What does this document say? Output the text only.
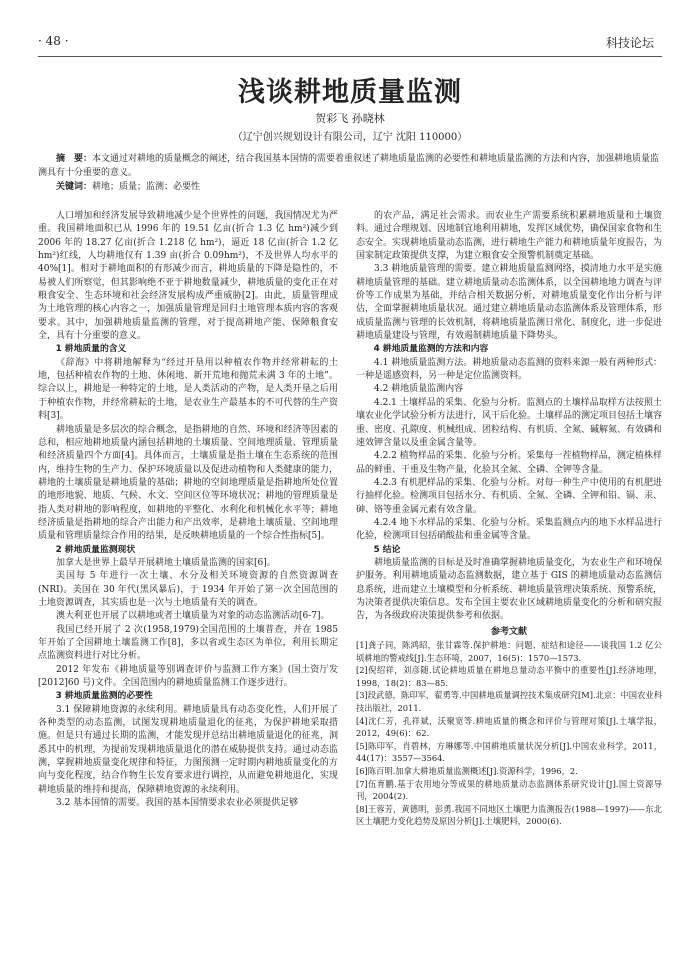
· 48 ·	科技论坛
浅谈耕地质量监测
贺彩飞 孙晓林
（辽宁创兴规划设计有限公司，辽宁 沈阳 110000）
摘　要：本文通过对耕地的质量概念的阐述，结合我国基本国情的需要着重叙述了耕地质量监测的必要性和耕地质量监测的方法和内容，加强耕地质量监测具有十分重要的意义。
关键词：耕地；质量；监测；必要性

人口增加和经济发展导致耕地减少是个世界性的问题，我国情况尤为严重。我国耕地面积已从 1996 年的 19.51 亿亩(折合 1.3 亿 hm²)减少到 2006 年的 18.27 亿亩(折合 1.218 亿 hm²)，逼近 18 亿亩(折合 1.2 亿 hm²)红线，人均耕地仅有 1.39 亩(折合 0.09hm²)，不及世界人均水平的 40%[1]。相对于耕地面积的有形减少而言，耕地质量的下降是隐性的，不易被人们所察觉，但其影响绝不亚于耕地数量减少，耕地质量的变化正在对粮食安全、生态环境和社会经济发展构成严重威胁[2]。由此，质量管理成为土地管理的核心内容之一，加强质量管理是回归土地管理本质内容的客观要求。其中，加强耕地质量监测的管理，对于提高耕地产能、保障粮食安全，具有十分重要的意义。

1 耕地质量的含义

《辞海》中将耕地解释为“经过开垦用以种植农作物并经常耕耘的土地，包括种植农作物的土地、休闲地、新开荒地和抛荒未满 3 年的土地”。综合以上，耕地是一种特定的土地，是人类活动的产物，是人类开垦之后用于种植农作物，并经常耕耘的土地，是农业生产最基本的不可代替的生产资料[3]。

耕地质量是多层次的综合概念，是指耕地的自然、环境和经济等因素的总和，相应地耕地质量内涵包括耕地的土壤质量、空间地理质量、管理质量和经济质量四个方面[4]。具体而言，土壤质量是指土壤在生态系统的范围内，维持生物的生产力、保护环境质量以及促进动植物和人类健康的能力，耕地的土壤质量是耕地质量的基础；耕地的空间地理质量是指耕地所处位置的地形地貌、地质、气候、水文、空间区位等环境状况；耕地的管理质量是指人类对耕地的影响程度，如耕地的平整化、水利化和机械化水平等；耕地经济质量是指耕地的综合产出能力和产出效率，是耕地土壤质量、空间地理质量和管理质量综合作用的结果，是反映耕地质量的一个综合性指标[5]。

2 耕地质量监测现状

加拿大是世界上最早开展耕地土壤质量监测的国家[6]。

美国每 5 年进行一次土壤、水分及相关环境资源的自然资源调查(NRI)。美国在 30 年代(黑风暴后)，于 1934 年开始了第一次全国范围的土地资源调查，其实质也是一次与土地质量有关的调查。

澳大利亚也开展了以耕地或者土壤质量为对象的动态监测活动[6-7]。

我国已经开展了 2 次(1958,1979)全国范围的土壤普查，并在 1985 年开始了全国耕地土壤监测工作[8]，多以省或生态区为单位，利用长期定点监测资料进行对比分析。

2012 年发布《耕地质量等别调查评价与监测工作方案》(国土资厅发[2012]60 号)文件。全国范围内的耕地质量监测工作逐步进行。

3 耕地质量监测的必要性

3.1 保障耕地资源的永续利用。耕地质量具有动态变化性，人们开展了各种类型的动态监测，试图发现耕地质量退化的征兆，为保护耕地采取措施。但是只有通过长期的监测，才能发现并总结出耕地质量退化的征兆，洞悉其中的机理，为提前发现耕地质量退化的潜在威胁提供支持。通过动态监测，掌握耕地质量变化规律和特征，力图预测一定时期内耕地质量变化的方向与变化程度，结合作物生长发育要求进行调控，从而避免耕地退化，实现耕地质量的维持和提高，保障耕地资源的永续利用。

3.2 基本国情的需要。我国的基本国情要求农业必须提供足够

的农产品，满足社会需求。而农业生产需要系统积累耕地质量和土壤资料。通过合理规划、因地制宜地利用耕地，发挥区域优势，确保国家食物和生态安全。实现耕地质量动态监测，进行耕地生产能力和耕地质量年度报告，为国家制定政策提供支撑，为建立粮食安全预警机制奠定基础。

3.3 耕地质量管理的需要。建立耕地质量监测网络，摸清地力水平是实施耕地质量管理的基础。建立耕地质量动态监测体系，以全国耕地地力调查与评价等工作成果为基础，并结合相关数据分析，对耕地质量变化作出分析与评估，全面掌握耕地质量状况。通过建立耕地质量动态监测体系及管理体系，形成质量监测与管理的长效机制，将耕地质量监测日常化、制度化，进一步促进耕地质量建设与管理，有效遏制耕地质量下降势头。

4 耕地质量监测的方法和内容

4.1 耕地质量监测方法。耕地质量动态监测的资料来源一般有两种形式：一种是遥感资料，另一种是定位监测资料。

4.2 耕地质量监测内容

4.2.1 土壤样品的采集、化验与分析。监测点的土壤样品取样方法按照土壤农业化学试验分析方法进行，风干后化验。土壤样品的测定项目包括土壤容重、密度、孔隙度、机械组成、团粒结构、有机质、全氮、碱解氮、有效磷和速效钾含量以及重金属含量等。

4.2.2 植物样品的采集、化验与分析。采集每一茬植物样品，测定植株样品的鲜重、干重及生物产量，化验其全氮、全磷、全钾等含量。

4.2.3 有机肥样品的采集、化验与分析。对每一种生产中使用的有机肥进行抽样化验。检测项目包括水分、有机质、全氮、全磷、全钾和铅、镉、汞、砷、铬等重金属元素有效含量。

4.2.4 地下水样品的采集、化验与分析。采集监测点内的地下水样品进行化验，检测项目包括硝酸盐和重金属等含量。

5 结论

耕地质量监测的目标是及时准确掌握耕地质量变化，为农业生产和环境保护服务。利用耕地质量动态监测数据，建立基于 GIS 的耕地质量动态监测信息系统，进而建立土壤模型和分析系统、耕地质量管理决策系统、预警系统，为决策者提供决策信息。发布全国主要农业区域耕地质量变化的分析和研究报告，为各级政府决策提供参考和依据。

参考文献

[1]龚子同，陈鸿昭，张甘霖等.保护耕地：问题、症结和途径——谈我国 1.2 亿公顷耕地的警戒线[J].生态环境，2007，16(5)：1570—1573.

[2]倪绍祥，刘彦随.试论耕地质量在耕地总量动态平衡中的重要性[J].经济地理，1998，18(2)：83—85.

[3]段武德，陈印军，翟勇等.中国耕地质量调控技术集成研究[M].北京：中国农业科技出版社，2011.

[4]沈仁芳，孔祥斌，沃聚宽等.耕地质量的概念和评价与管理对策[J].土壤学报，2012，49(6)：62.

[5]陈印军，肖碧林，方琳娜等.中国耕地质量状况分析[J].中国农业科学，2011，44(17)：3557—3564.

[6]陈百明.加拿大耕地质量监测概述[J].资源科学，1996，2.

[7]伍育鹏.基于农用地分等成果的耕地质量动态监测体系研究设计[J].国土资源导刊，2004(2).

[8]王蓉芳，黄德明，彭勇.我国不同地区土壤肥力监测报告(1988—1997)——东北区土壤肥力变化趋势及原因分析[J].土壤肥料，2000(6).
